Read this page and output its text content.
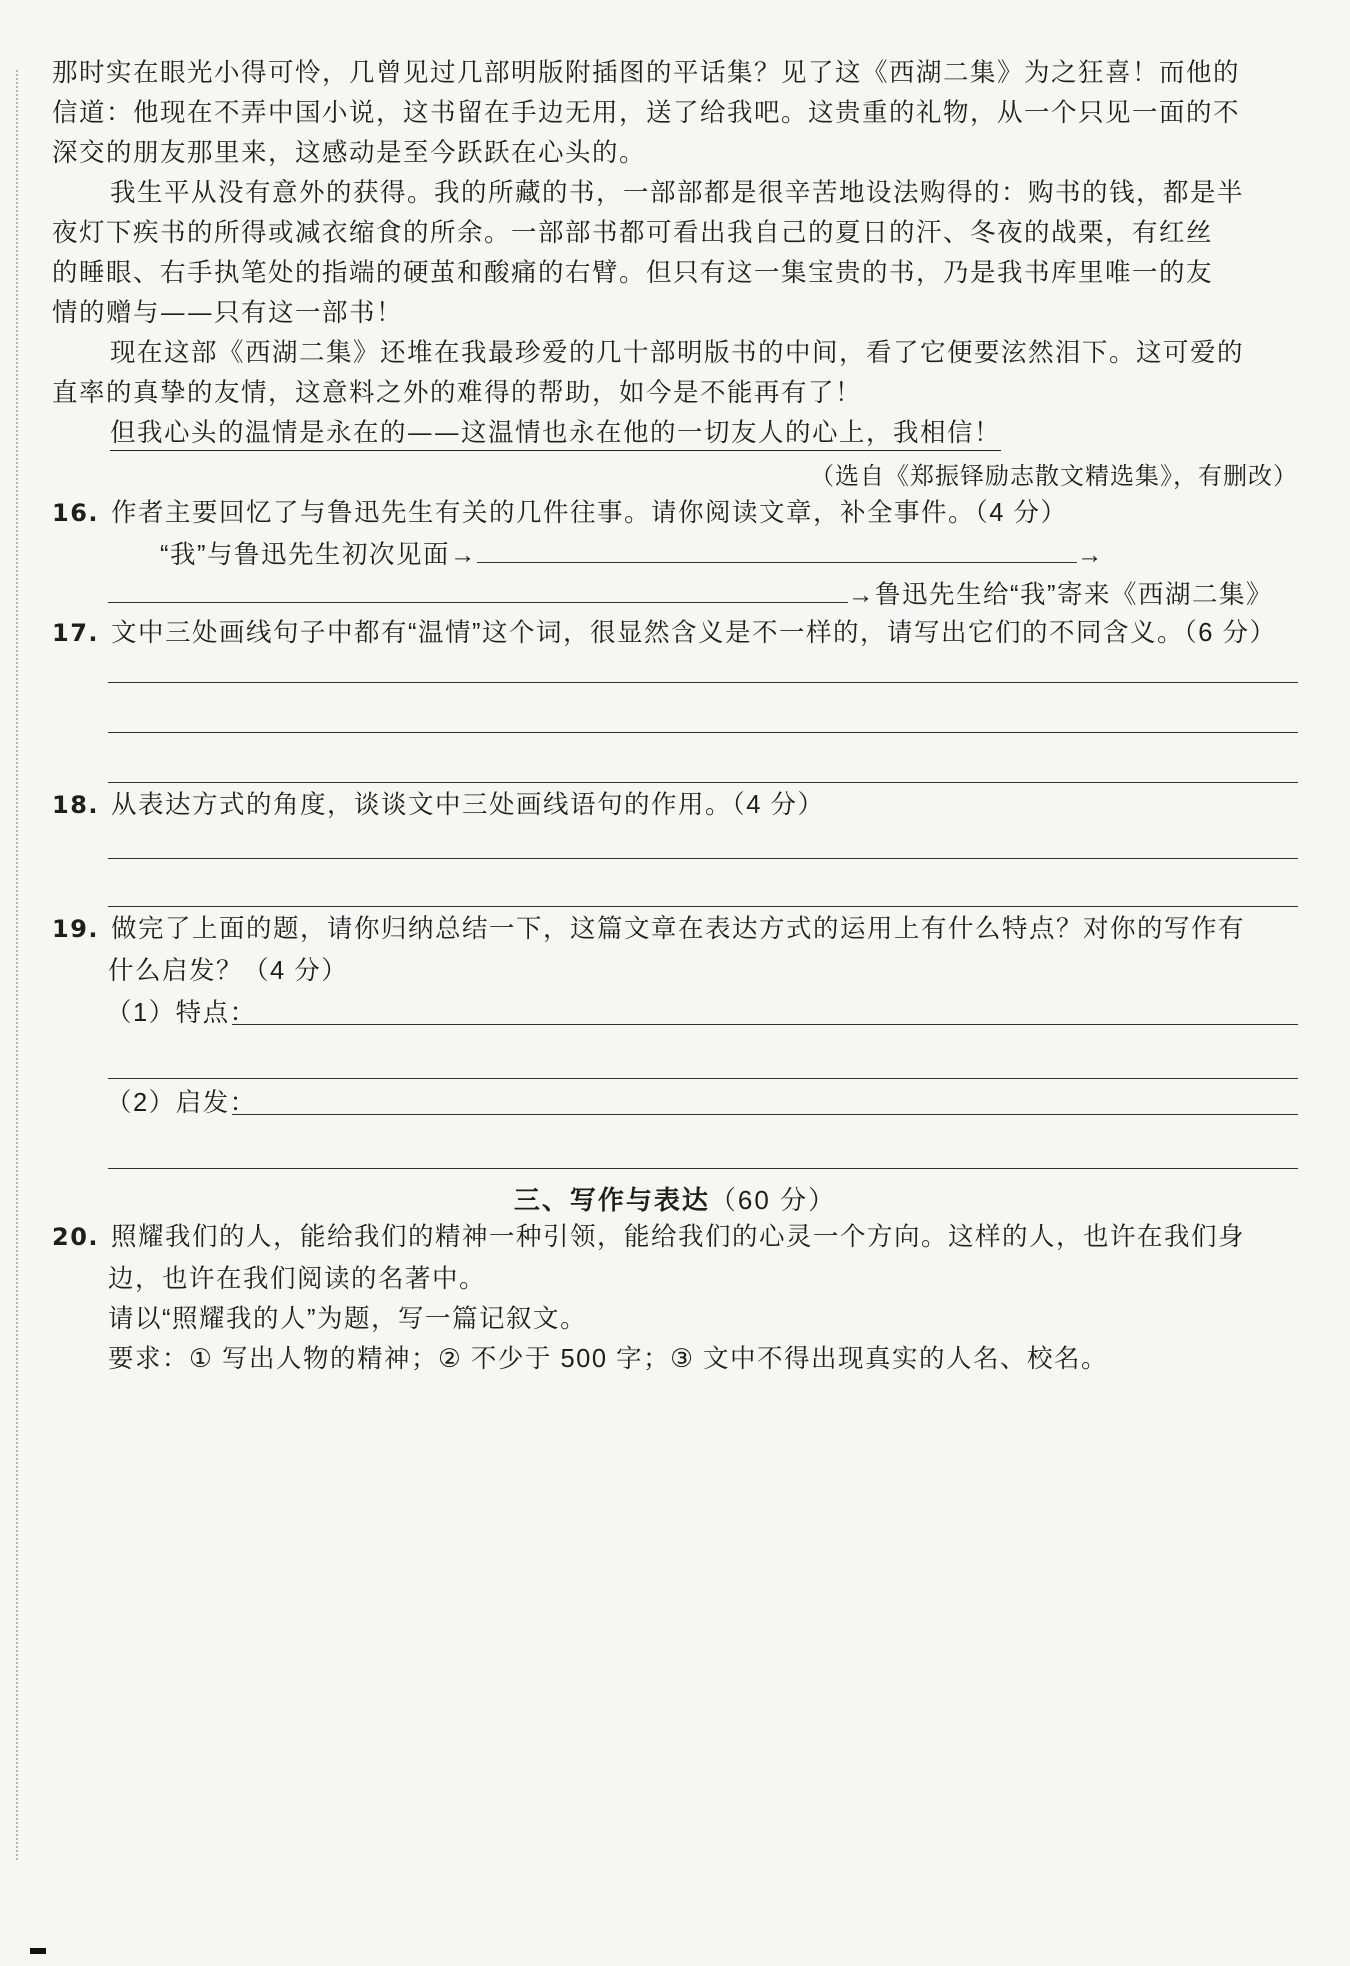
那时实在眼光小得可怜，几曾见过几部明版附插图的平话集？见了这《西湖二集》为之狂喜！而他的
信道：他现在不弄中国小说，这书留在手边无用，送了给我吧。这贵重的礼物，从一个只见一面的不
深交的朋友那里来，这感动是至今跃跃在心头的。
我生平从没有意外的获得。我的所藏的书，一部部都是很辛苦地设法购得的：购书的钱，都是半
夜灯下疾书的所得或减衣缩食的所余。一部部书都可看出我自己的夏日的汗、冬夜的战栗，有红丝
的睡眼、右手执笔处的指端的硬茧和酸痛的右臂。但只有这一集宝贵的书，乃是我书库里唯一的友
情的赠与——只有这一部书！
现在这部《西湖二集》还堆在我最珍爱的几十部明版书的中间，看了它便要泫然泪下。这可爱的
直率的真挚的友情，这意料之外的难得的帮助，如今是不能再有了！
但我心头的温情是永在的——这温情也永在他的一切友人的心上，我相信！
（选自《郑振铎励志散文精选集》，有删改）
16. 作者主要回忆了与鲁迅先生有关的几件往事。请你阅读文章，补全事件。（4 分）
“我”与鲁迅先生初次见面→	→
→鲁迅先生给“我”寄来《西湖二集》
17. 文中三处画线句子中都有“温情”这个词，很显然含义是不一样的，请写出它们的不同含义。（6 分）
18. 从表达方式的角度，谈谈文中三处画线语句的作用。（4 分）
19. 做完了上面的题，请你归纳总结一下，这篇文章在表达方式的运用上有什么特点？对你的写作有
什么启发？（4 分）
（1）特点：
（2）启发：
三、写作与表达（60 分）
20. 照耀我们的人，能给我们的精神一种引领，能给我们的心灵一个方向。这样的人，也许在我们身
边，也许在我们阅读的名著中。
请以“照耀我的人”为题，写一篇记叙文。
要求：① 写出人物的精神；② 不少于 500 字；③ 文中不得出现真实的人名、校名。
